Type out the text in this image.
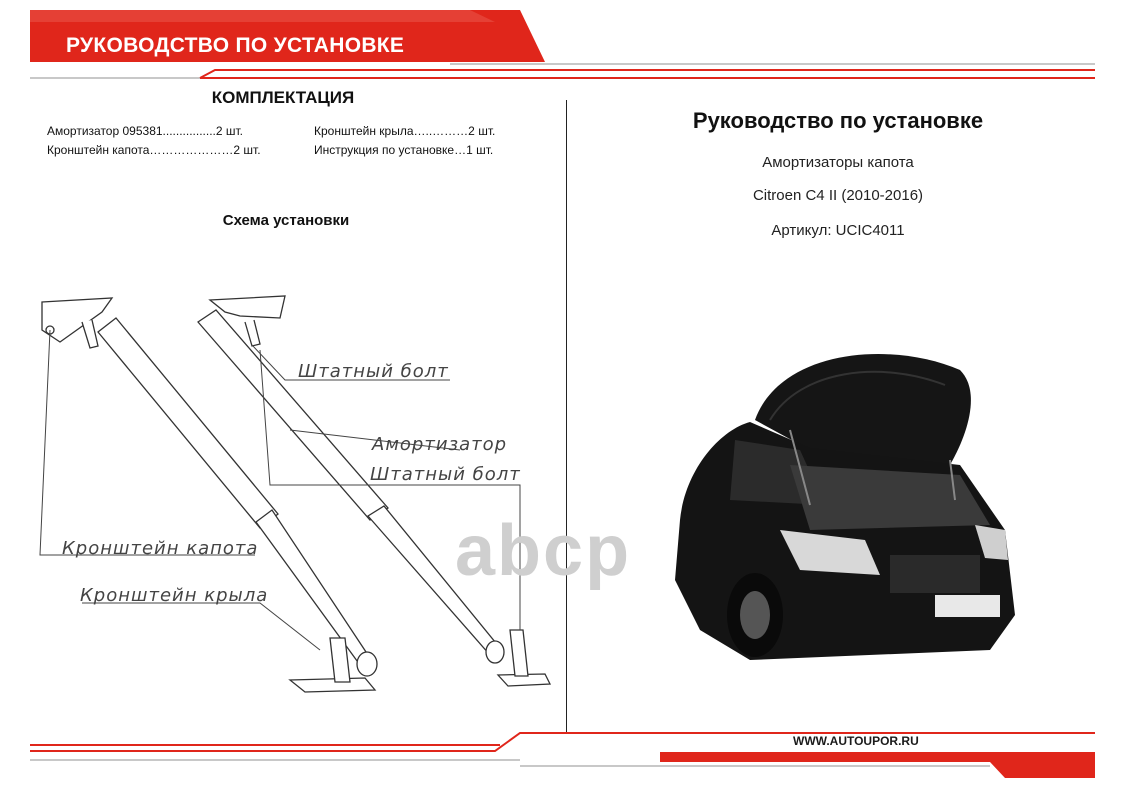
РУКОВОДСТВО ПО УСТАНОВКЕ
КОМПЛЕКТАЦИЯ
Амортизатор 095381................2 шт.
Кронштейн капота…………………2 шт.
Кронштейн крыла…..………2 шт.
Инструкция по установке…1 шт.
Схема установки
Штатный болт
Амортизатор
Штатный болт
Кронштейн капота
Кронштейн крыла
Руководство по установке
Амортизаторы капота
Citroen C4 II (2010-2016)
Артикул: UCIC4011
abcp
WWW.AUTOUPOR.RU
